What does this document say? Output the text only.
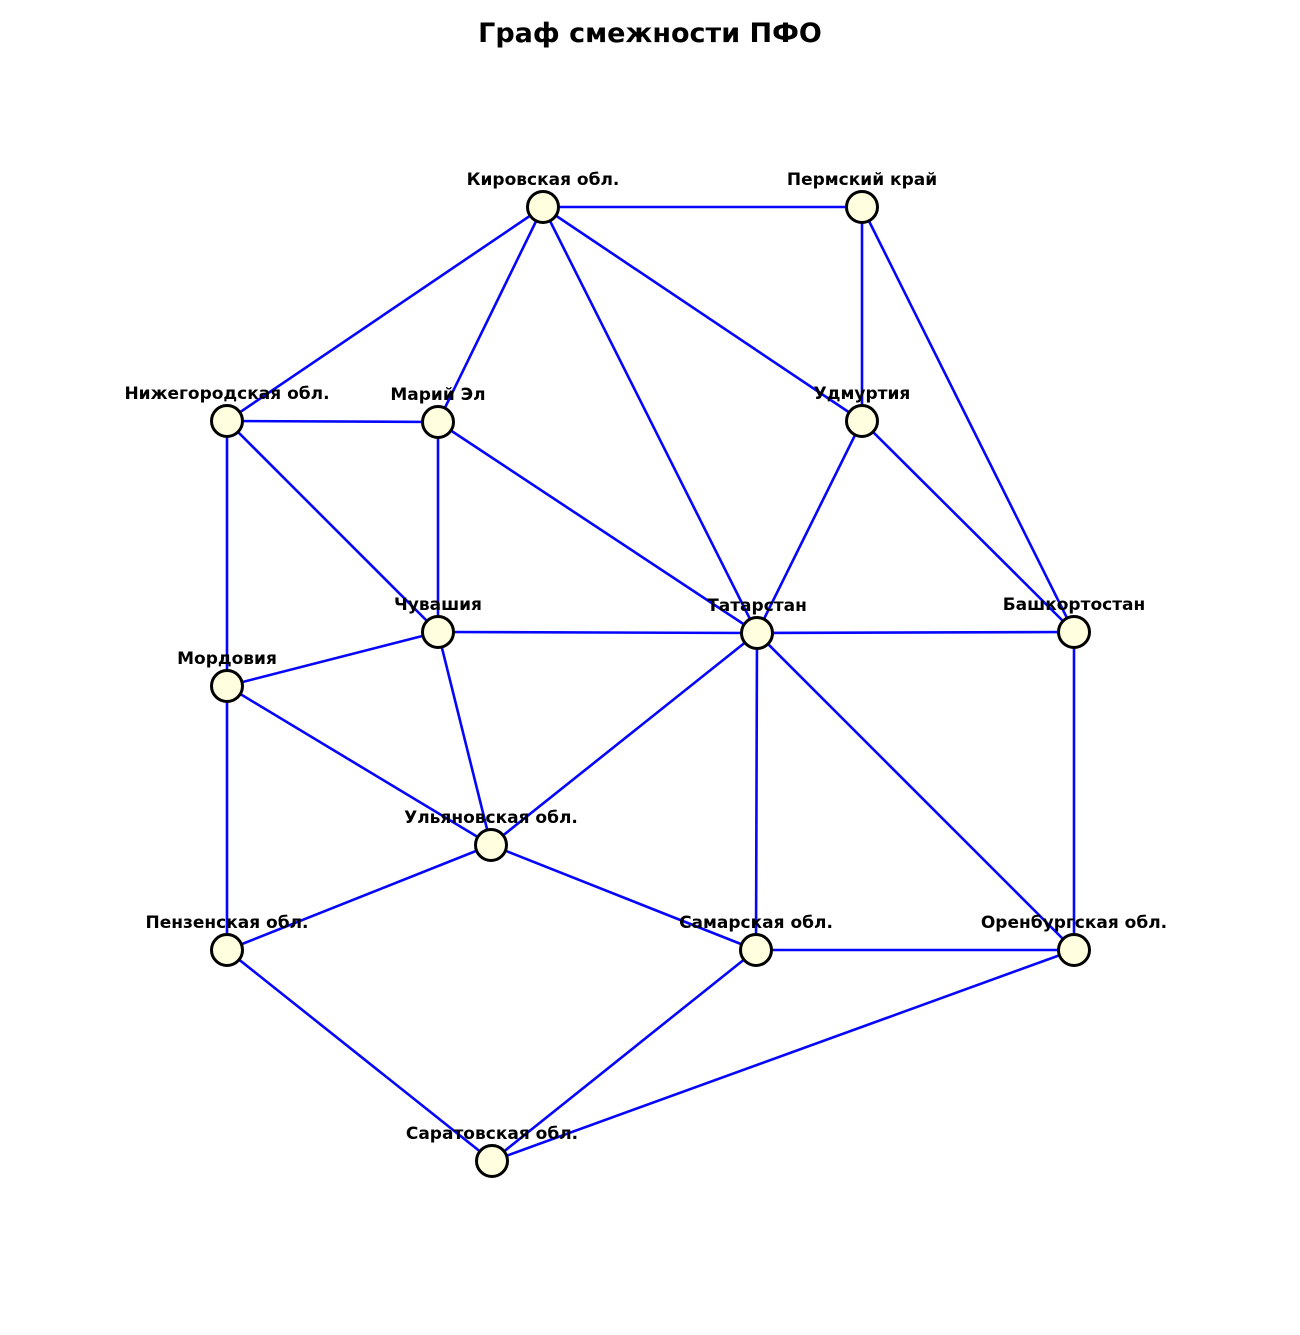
Граф смежности ПФО
Кировская обл.	Пермский край
Нижегородская обл.	Марий Эл	Удмуртия
Чувашия	Татарстан	Башкортостан
Мордовия
Ульяновская обл.
Пензенская обл.	Самарская обл.	Оренбургская обл.
Саратовская обл.
